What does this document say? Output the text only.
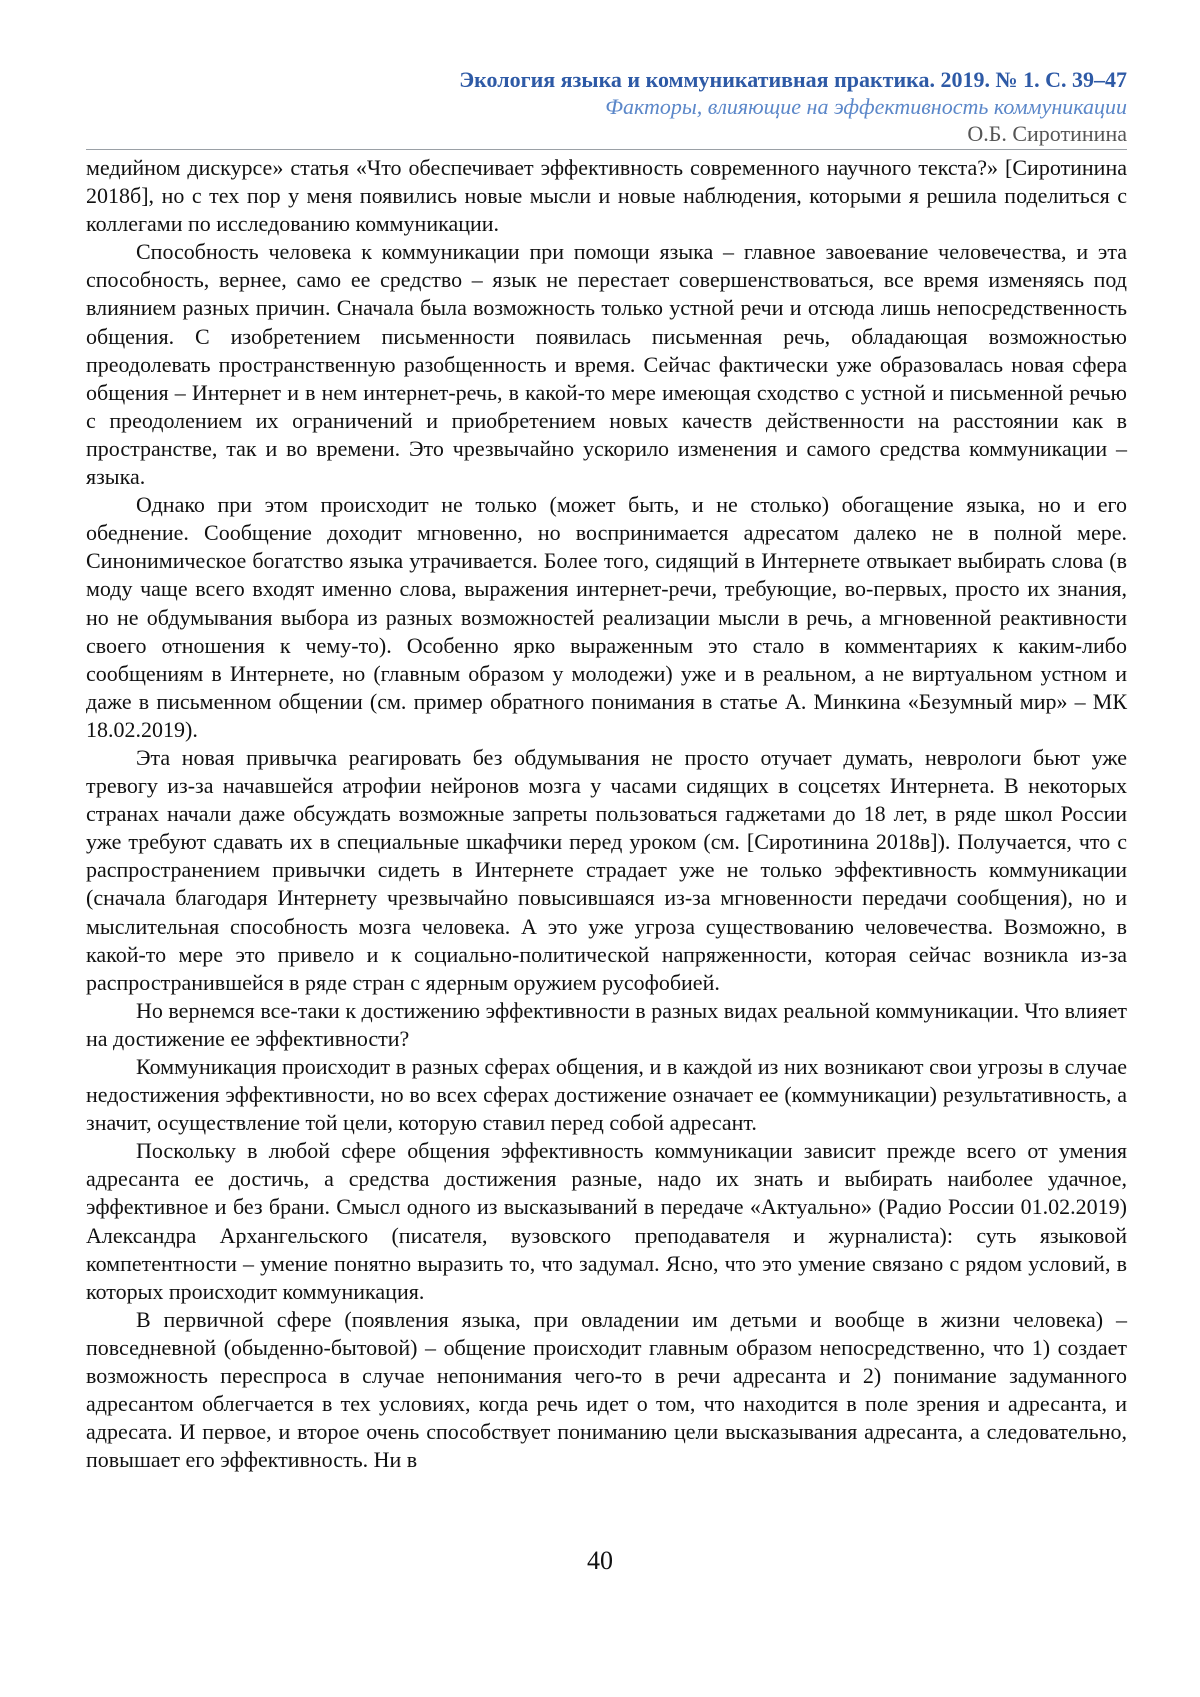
Экология языка и коммуникативная практика. 2019. № 1. С. 39–47
Факторы, влияющие на эффективность коммуникации
О.Б. Сиротинина

медийном дискурсе» статья «Что обеспечивает эффективность современного научного текста?» [Сиротинина 2018б], но с тех пор у меня появились новые мысли и новые наблюдения, которыми я решила поделиться с коллегами по исследованию коммуникации.

Способность человека к коммуникации при помощи языка – главное завоевание человечества, и эта способность, вернее, само ее средство – язык не перестает совершенствоваться, все время изменяясь под влиянием разных причин. Сначала была возможность только устной речи и отсюда лишь непосредственность общения. С изобретением письменности появилась письменная речь, обладающая возможностью преодолевать пространственную разобщенность и время. Сейчас фактически уже образовалась новая сфера общения – Интернет и в нем интернет-речь, в какой-то мере имеющая сходство с устной и письменной речью с преодолением их ограничений и приобретением новых качеств действенности на расстоянии как в пространстве, так и во времени. Это чрезвычайно ускорило изменения и самого средства коммуникации – языка.

Однако при этом происходит не только (может быть, и не столько) обогащение языка, но и его обеднение. Сообщение доходит мгновенно, но воспринимается адресатом далеко не в полной мере. Синонимическое богатство языка утрачивается. Более того, сидящий в Интернете отвыкает выбирать слова (в моду чаще всего входят именно слова, выражения интернет-речи, требующие, во-первых, просто их знания, но не обдумывания выбора из разных возможностей реализации мысли в речь, а мгновенной реактивности своего отношения к чему-то). Особенно ярко выраженным это стало в комментариях к каким-либо сообщениям в Интернете, но (главным образом у молодежи) уже и в реальном, а не виртуальном устном и даже в письменном общении (см. пример обратного понимания в статье А. Минкина «Безумный мир» – МК 18.02.2019).

Эта новая привычка реагировать без обдумывания не просто отучает думать, неврологи бьют уже тревогу из-за начавшейся атрофии нейронов мозга у часами сидящих в соцсетях Интернета. В некоторых странах начали даже обсуждать возможные запреты пользоваться гаджетами до 18 лет, в ряде школ России уже требуют сдавать их в специальные шкафчики перед уроком (см. [Сиротинина 2018в]). Получается, что с распространением привычки сидеть в Интернете страдает уже не только эффективность коммуникации (сначала благодаря Интернету чрезвычайно повысившаяся из-за мгновенности передачи сообщения), но и мыслительная способность мозга человека. А это уже угроза существованию человечества. Возможно, в какой-то мере это привело и к социально-политической напряженности, которая сейчас возникла из-за распространившейся в ряде стран с ядерным оружием русофобией.

Но вернемся все-таки к достижению эффективности в разных видах реальной коммуникации. Что влияет на достижение ее эффективности?

Коммуникация происходит в разных сферах общения, и в каждой из них возникают свои угрозы в случае недостижения эффективности, но во всех сферах достижение означает ее (коммуникации) результативность, а значит, осуществление той цели, которую ставил перед собой адресант.

Поскольку в любой сфере общения эффективность коммуникации зависит прежде всего от умения адресанта ее достичь, а средства достижения разные, надо их знать и выбирать наиболее удачное, эффективное и без брани. Смысл одного из высказываний в передаче «Актуально» (Радио России 01.02.2019) Александра Архангельского (писателя, вузовского преподавателя и журналиста): суть языковой компетентности – умение понятно выразить то, что задумал. Ясно, что это умение связано с рядом условий, в которых происходит коммуникация.

В первичной сфере (появления языка, при овладении им детьми и вообще в жизни человека) – повседневной (обыденно-бытовой) – общение происходит главным образом непосредственно, что 1) создает возможность переспроса в случае непонимания чего-то в речи адресанта и 2) понимание задуманного адресантом облегчается в тех условиях, когда речь идет о том, что находится в поле зрения и адресанта, и адресата. И первое, и второе очень способствует пониманию цели высказывания адресанта, а следовательно, повышает его эффективность. Ни в

40
